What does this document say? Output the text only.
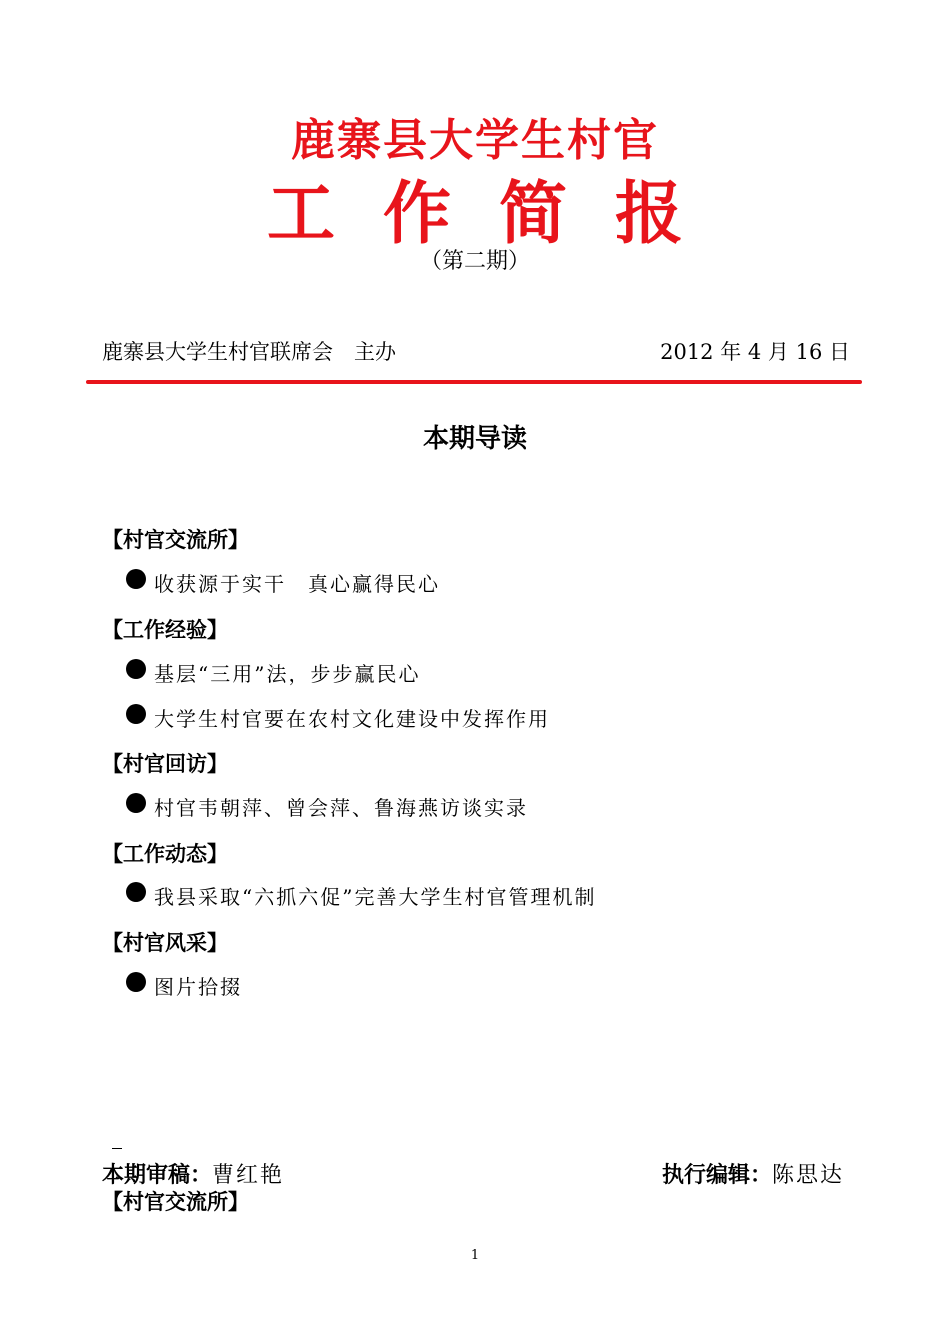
鹿寨县大学生村官
工作简报
（第二期）
鹿寨县大学生村官联席会　主办	2012 年 4 月 16 日
本期导读
【村官交流所】
收获源于实干　真心赢得民心
【工作经验】
基层“三用”法，步步赢民心
大学生村官要在农村文化建设中发挥作用
【村官回访】
村官韦朝萍、曾会萍、鲁海燕访谈实录
【工作动态】
我县采取“六抓六促”完善大学生村官管理机制
【村官风采】
图片拾掇
本期审稿：曹红艳	执行编辑：陈思达
【村官交流所】
1
